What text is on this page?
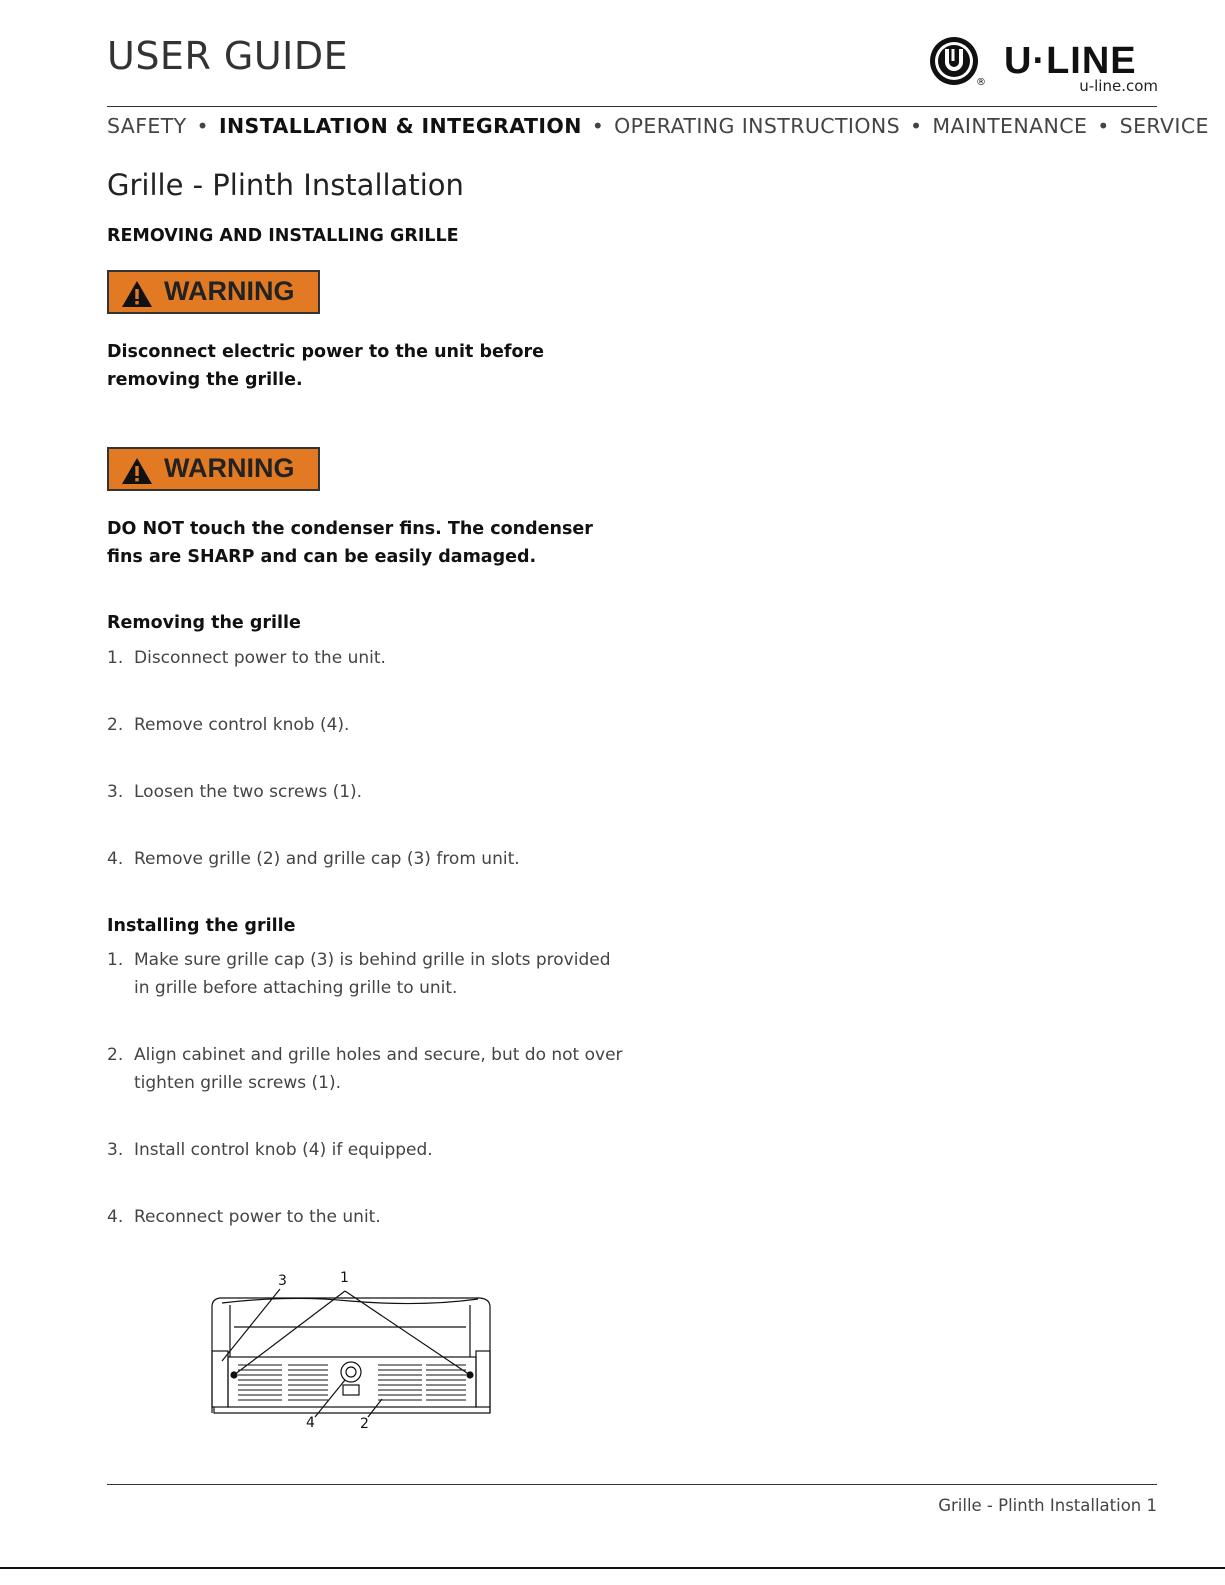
USER GUIDE
®
U·LINE
u-line.com
SAFETY • INSTALLATION & INTEGRATION • OPERATING INSTRUCTIONS • MAINTENANCE • SERVICE
Grille - Plinth Installation
REMOVING AND INSTALLING GRILLE
WARNING
Disconnect electric power to the unit before removing the grille.
WARNING
DO NOT touch the condenser fins. The condenser fins are SHARP and can be easily damaged.
Removing the grille
1. Disconnect power to the unit.
2. Remove control knob (4).
3. Loosen the two screws (1).
4. Remove grille (2) and grille cap (3) from unit.
Installing the grille
1. Make sure grille cap (3) is behind grille in slots provided in grille before attaching grille to unit.
2. Align cabinet and grille holes and secure, but do not over tighten grille screws (1).
3. Install control knob (4) if equipped.
4. Reconnect power to the unit.
1
3
4	2
Grille - Plinth Installation 1
